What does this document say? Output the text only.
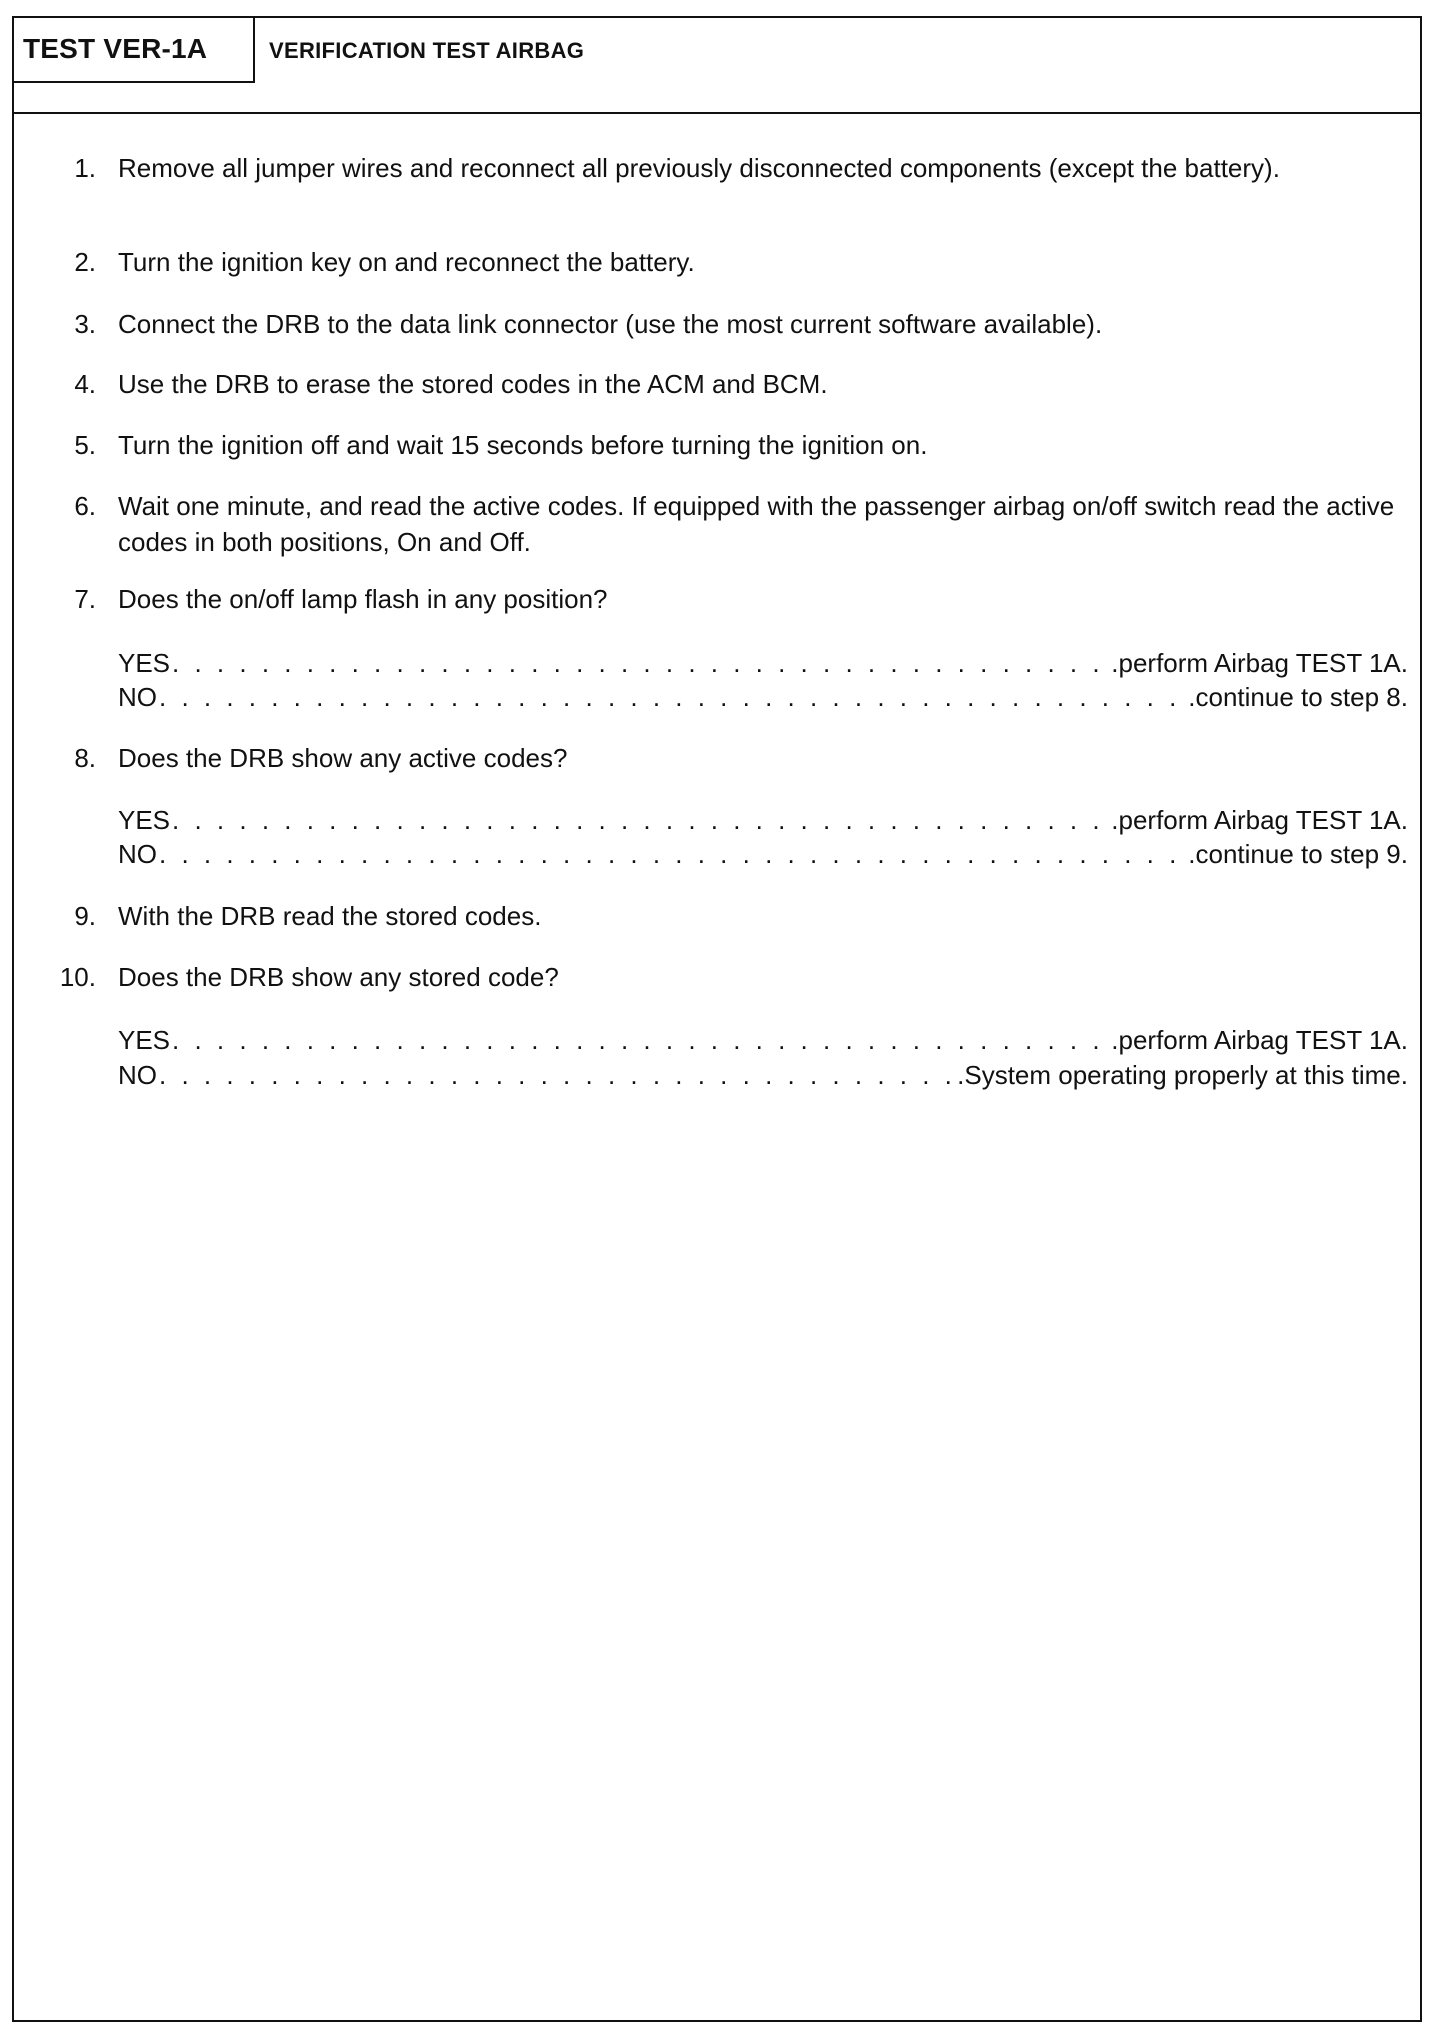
TEST VER-1A	VERIFICATION TEST AIRBAG
1. Remove all jumper wires and reconnect all previously disconnected components (except the battery).
2. Turn the ignition key on and reconnect the battery.
3. Connect the DRB to the data link connector (use the most current software available).
4. Use the DRB to erase the stored codes in the ACM and BCM.
5. Turn the ignition off and wait 15 seconds before turning the ignition on.
6. Wait one minute, and read the active codes. If equipped with the passenger airbag on/off switch read the active codes in both positions, On and Off.
7. Does the on/off lamp flash in any position?
YES . . .	.perform Airbag TEST 1A.
NO . . .	.continue to step 8.
8. Does the DRB show any active codes?
YES . . .	.perform Airbag TEST 1A.
NO . . .	.continue to step 9.
9. With the DRB read the stored codes.
10. Does the DRB show any stored code?
YES . . .	.perform Airbag TEST 1A.
NO . . .	.System operating properly at this time.
